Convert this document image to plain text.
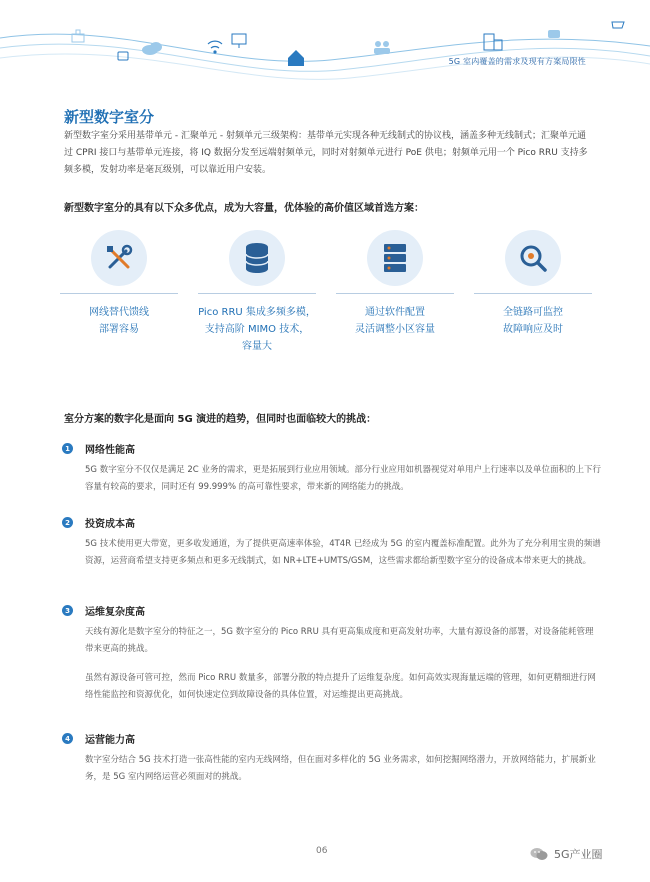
5G 室内覆盖的需求及现有方案局限性
新型数字室分
新型数字室分采用基带单元 - 汇聚单元 - 射频单元三级架构：基带单元实现各种无线制式的协议栈，涵盖多种无线制式；汇聚单元通过 CPRI 接口与基带单元连接，将 IQ 数据分发至远端射频单元，同时对射频单元进行 PoE 供电；射频单元用一个 Pico RRU 支持多频多模，发射功率是毫瓦级别，可以靠近用户安装。
新型数字室分的具有以下众多优点，成为大容量，优体验的高价值区域首选方案：
网线替代馈线
部署容易
Pico RRU 集成多频多模，
支持高阶 MIMO 技术，
容量大
通过软件配置
灵活调整小区容量
全链路可监控
故障响应及时
室分方案的数字化是面向 5G 演进的趋势，但同时也面临较大的挑战：
1	网络性能高

5G 数字室分不仅仅是满足 2C 业务的需求，更是拓展到行业应用领域。部分行业应用如机器视觉对单用户上行速率以及单位面积的上下行容量有较高的要求，同时还有 99.999% 的高可靠性要求，带来新的网络能力的挑战。

2	投资成本高

5G 技术使用更大带宽，更多收发通道，为了提供更高速率体验，4T4R 已经成为 5G 的室内覆盖标准配置。此外为了充分利用宝贵的频谱资源，运营商希望支持更多频点和更多无线制式，如 NR+LTE+UMTS/GSM，这些需求都给新型数字室分的设备成本带来更大的挑战。

3	运维复杂度高

天线有源化是数字室分的特征之一，5G 数字室分的 Pico RRU 具有更高集成度和更高发射功率，大量有源设备的部署，对设备能耗管理带来更高的挑战。

虽然有源设备可管可控，然而 Pico RRU 数量多，部署分散的特点提升了运维复杂度。如何高效实现海量远端的管理，如何更精细进行网络性能监控和资源优化，如何快速定位到故障设备的具体位置，对运维提出更高挑战。

4	运营能力高

数字室分结合 5G 技术打造一张高性能的室内无线网络，但在面对多样化的 5G 业务需求，如何挖掘网络潜力，开放网络能力，扩展新业务，是 5G 室内网络运营必须面对的挑战。

06	5G产业圈
